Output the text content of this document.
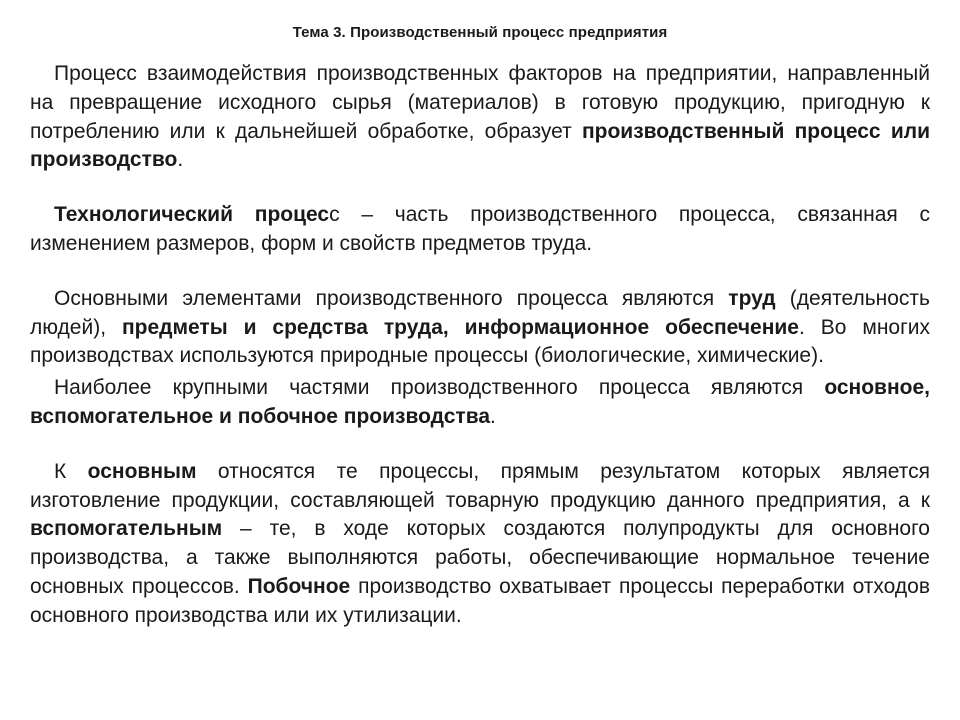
Тема 3. Производственный процесс предприятия

Процесс взаимодействия производственных факторов на предприятии, направленный на превращение исходного сырья (материалов) в готовую продукцию, пригодную к потреблению или к дальнейшей обработке, образует производственный процесс или производство.

Технологический процесс – часть производственного процесса, связанная с изменением размеров, форм и свойств предметов труда.

Основными элементами производственного процесса являются труд (деятельность людей), предметы и средства труда, информационное обеспечение. Во многих производствах используются природные процессы (биологические, химические).

Наиболее крупными частями производственного процесса являются основное, вспомогательное и побочное производства.

К основным относятся те процессы, прямым результатом которых является изготовление продукции, составляющей товарную продукцию данного предприятия, а к вспомогательным – те, в ходе которых создаются полупродукты для основного производства, а также выполняются работы, обеспечивающие нормальное течение основных процессов. Побочное производство охватывает процессы переработки отходов основного производства или их утилизации.
